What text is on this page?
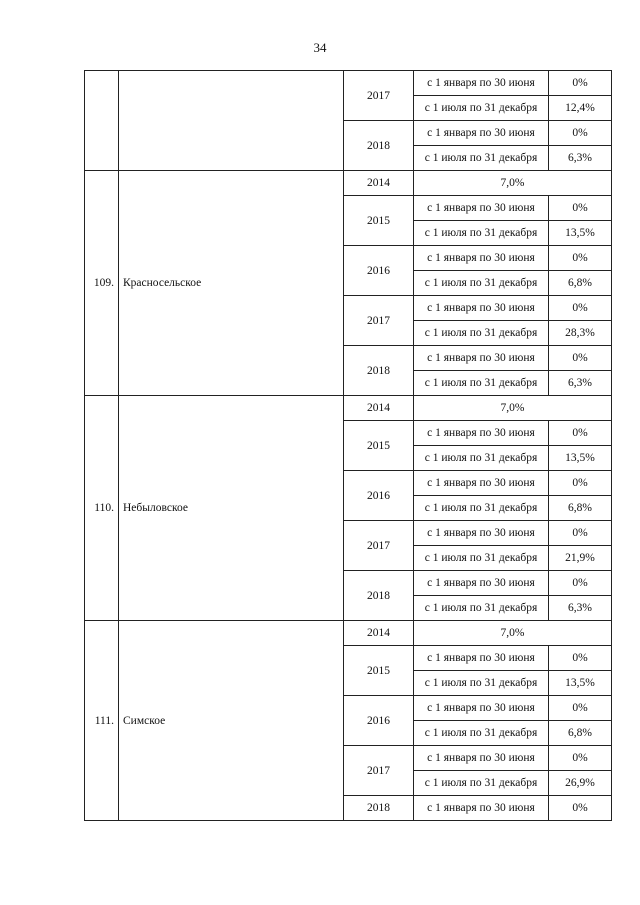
34
		2017	с 1 января по 30 июня	0%
			с 1 июля по 31 декабря	12,4%
		2018	с 1 января по 30 июня	0%
			с 1 июля по 31 декабря	6,3%
109.	Красносельское	2014	7,0%	
		2015	с 1 января по 30 июня	0%
			с 1 июля по 31 декабря	13,5%
		2016	с 1 января по 30 июня	0%
			с 1 июля по 31 декабря	6,8%
		2017	с 1 января по 30 июня	0%
			с 1 июля по 31 декабря	28,3%
		2018	с 1 января по 30 июня	0%
			с 1 июля по 31 декабря	6,3%
110.	Небыловское	2014	7,0%	
		2015	с 1 января по 30 июня	0%
			с 1 июля по 31 декабря	13,5%
		2016	с 1 января по 30 июня	0%
			с 1 июля по 31 декабря	6,8%
		2017	с 1 января по 30 июня	0%
			с 1 июля по 31 декабря	21,9%
		2018	с 1 января по 30 июня	0%
			с 1 июля по 31 декабря	6,3%
111.	Симское	2014	7,0%	
		2015	с 1 января по 30 июня	0%
			с 1 июля по 31 декабря	13,5%
		2016	с 1 января по 30 июня	0%
			с 1 июля по 31 декабря	6,8%
		2017	с 1 января по 30 июня	0%
			с 1 июля по 31 декабря	26,9%
		2018	с 1 января по 30 июня	0%
